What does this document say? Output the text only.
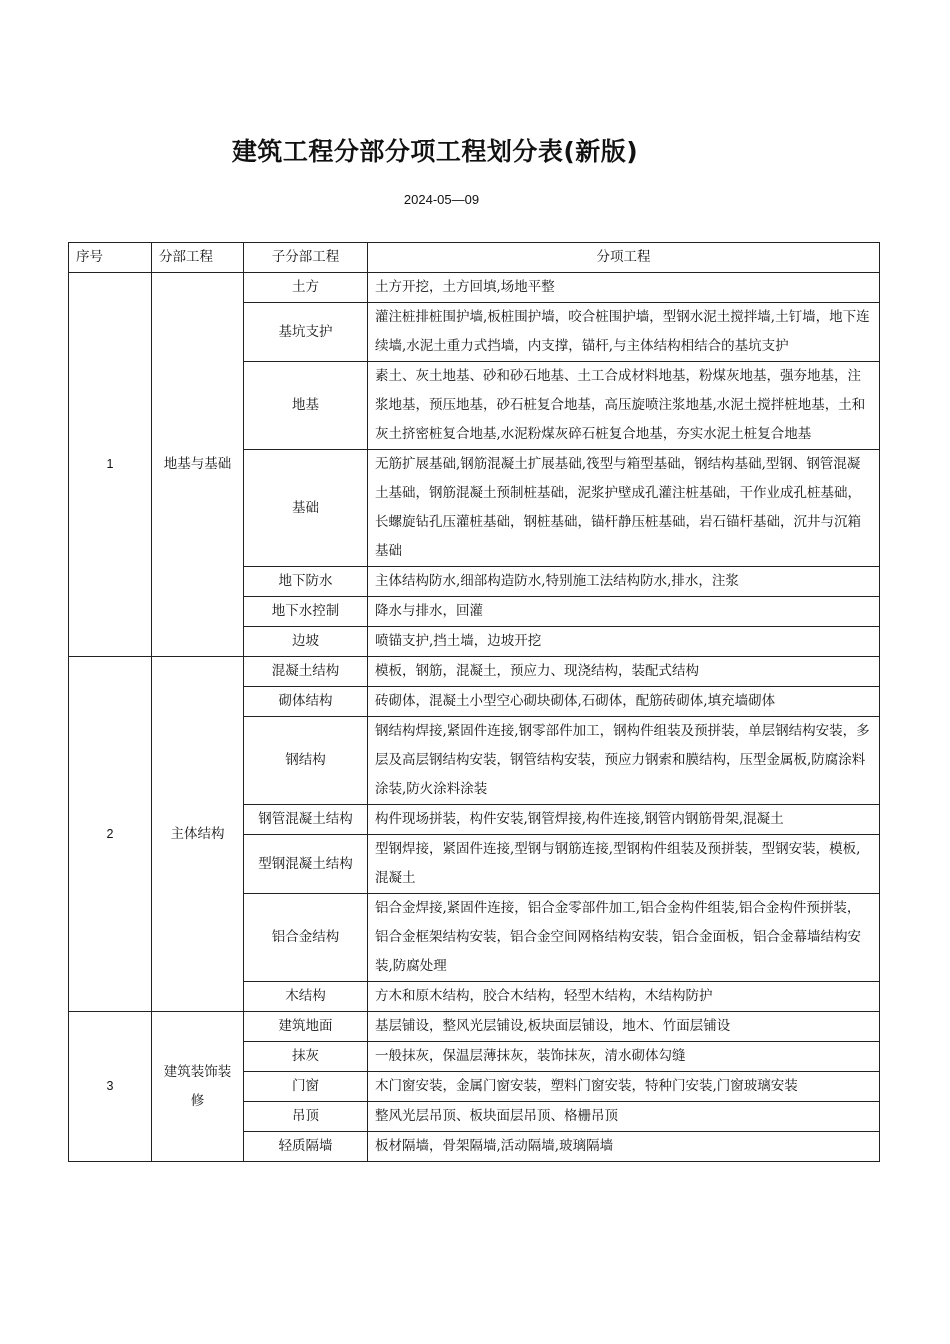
建筑工程分部分项工程划分表(新版)
2024-05—09
序号	分部工程	子分部工程	分项工程
1	地基与基础	土方	土方开挖，土方回填,场地平整
		基坑支护	灌注桩排桩围护墙,板桩围护墙，咬合桩围护墙，型钢水泥土搅拌墙,土钉墙，地下连续墙,水泥土重力式挡墙，内支撑，锚杆,与主体结构相结合的基坑支护
		地基	素土、灰土地基、砂和砂石地基、土工合成材料地基，粉煤灰地基，强夯地基，注浆地基，预压地基，砂石桩复合地基，高压旋喷注浆地基,水泥土搅拌桩地基，土和灰土挤密桩复合地基,水泥粉煤灰碎石桩复合地基，夯实水泥土桩复合地基
		基础	无筋扩展基础,钢筋混凝土扩展基础,筏型与箱型基础，钢结构基础,型钢、钢管混凝土基础，钢筋混凝土预制桩基础，泥浆护壁成孔灌注桩基础，干作业成孔桩基础，长螺旋钻孔压灌桩基础，钢桩基础，锚杆静压桩基础，岩石锚杆基础，沉井与沉箱基础
		地下防水	主体结构防水,细部构造防水,特别施工法结构防水,排水，注浆
		地下水控制	降水与排水，回灌
		边坡	喷锚支护,挡土墙，边坡开挖
2	主体结构	混凝土结构	模板，钢筋，混凝土，预应力、现浇结构，装配式结构
		砌体结构	砖砌体，混凝土小型空心砌块砌体,石砌体，配筋砖砌体,填充墙砌体
		钢结构	钢结构焊接,紧固件连接,钢零部件加工，钢构件组装及预拼装，单层钢结构安装，多层及高层钢结构安装，钢管结构安装，预应力钢索和膜结构，压型金属板,防腐涂料涂装,防火涂料涂装
		钢管混凝土结构	构件现场拼装，构件安装,钢管焊接,构件连接,钢管内钢筋骨架,混凝土
		型钢混凝土结构	型钢焊接，紧固件连接,型钢与钢筋连接,型钢构件组装及预拼装，型钢安装，模板,混凝土
		铝合金结构	铝合金焊接,紧固件连接，铝合金零部件加工,铝合金构件组装,铝合金构件预拼装，铝合金框架结构安装，铝合金空间网格结构安装，铝合金面板，铝合金幕墙结构安装,防腐处理
		木结构	方木和原木结构，胶合木结构，轻型木结构，木结构防护
3	建筑装饰装修	建筑地面	基层铺设，整风光层铺设,板块面层铺设，地木、竹面层铺设
		抹灰	一般抹灰，保温层薄抹灰，装饰抹灰，清水砌体勾缝
		门窗	木门窗安装，金属门窗安装，塑料门窗安装，特种门安装,门窗玻璃安装
		吊顶	整风光层吊顶、板块面层吊顶、格栅吊顶
		轻质隔墙	板材隔墙，骨架隔墙,活动隔墙,玻璃隔墙
